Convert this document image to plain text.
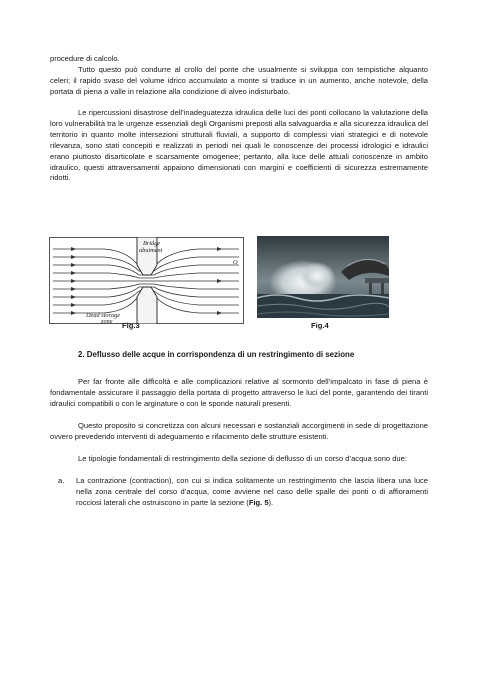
procedure di calcolo.

Tutto questo può condurre al crollo del ponte che usualmente si sviluppa con tempistiche alquanto celeri; il rapido svaso del volume idrico accumulato a monte si traduce in un aumento, anche notevole, della portata di piena a valle in relazione alla condizione di alveo indisturbato.

Le ripercussioni disastrose dell’inadeguatezza idraulica delle luci dei ponti collocano la valutazione della loro vulnerabilità tra le urgenze essenziali degli Organismi preposti alla salvaguardia e alla sicurezza idraulica del territorio in quanto molte intersezioni strutturali fluviali, a supporto di complessi viari strategici e di notevole rilevanza, sono stati concepiti e realizzati in periodi nei quali le conoscenze dei processi idrologici e idraulici erano piuttosto disarticolate e scarsamente omogenee; pertanto, alla luce delle attuali conoscenze in ambito idraulico, questi attraversamenti appaiono dimensionati con margini e coefficienti di sicurezza estremamente ridotti.

Bridge
abutment
O
Dead storage
zone Fig.3	Fig.4
2. Deflusso delle acque in corrispondenza di un restringimento di sezione

Per far fronte alle difficoltà e alle complicazioni relative al sormonto dell’impalcato in fase di piena è fondamentale assicurare il passaggio della portata di progetto attraverso le luci del ponte, garantendo dei tiranti idraulici compatibili o con le arginature o con le sponde naturali presenti.

Questo proposito si concretizza con alcuni necessari e sostanziali accorgimenti in sede di progettazione ovvero prevedendo interventi di adeguamento e rifacimento delle strutture esistenti.

Le tipologie fondamentali di restringimento della sezione di deflusso di un corso d’acqua sono due:

a. La contrazione (contraction), con cui si indica solitamente un restringimento che lascia libera una luce nella zona centrale del corso d’acqua, come avviene nel caso delle spalle dei ponti o di affioramenti rocciosi laterali che ostruiscono in parte la sezione (Fig. 5).
